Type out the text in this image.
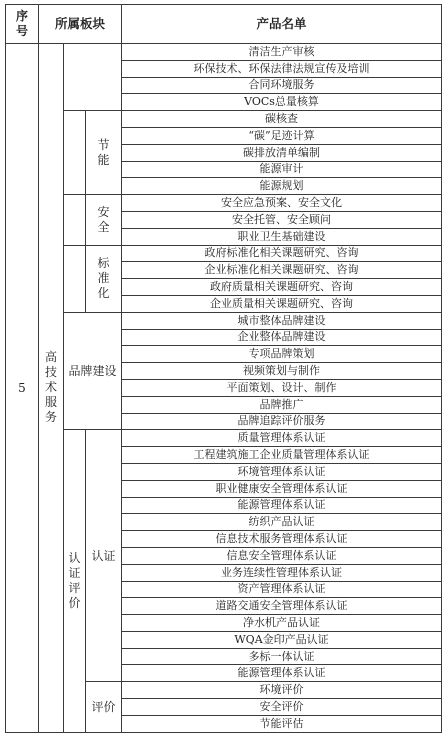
序号	所属板块			产品名单
5	高技术服务			清洁生产审核
				环保技术、环保法律法规宣传及培训
				合同环境服务
				VOCs总量核算
			节能	碳核查
				“碳”足迹计算
				碳排放清单编制
				能源审计
				能源规划
			安全	安全应急预案、安全文化
				安全托管、安全顾问
				职业卫生基础建设
			标准化	政府标准化相关课题研究、咨询
				企业标准化相关课题研究、咨询
				政府质量相关课题研究、咨询
				企业质量相关课题研究、咨询
		品牌建设		城市整体品牌建设
				企业整体品牌建设
				专项品牌策划
				视频策划与制作
				平面策划、设计、制作
				品牌推广
				品牌追踪评价服务
		认证评价	认证	质量管理体系认证
				工程建筑施工企业质量管理体系认证
				环境管理体系认证
				职业健康安全管理体系认证
				能源管理体系认证
				纺织产品认证
				信息技术服务管理体系认证
				信息安全管理体系认证
				业务连续性管理体系认证
				资产管理体系认证
				道路交通安全管理体系认证
				净水机产品认证
				WQA金印产品认证
				多标一体认证
				能源管理体系认证
			评价	环境评价
				安全评价
				节能评估
